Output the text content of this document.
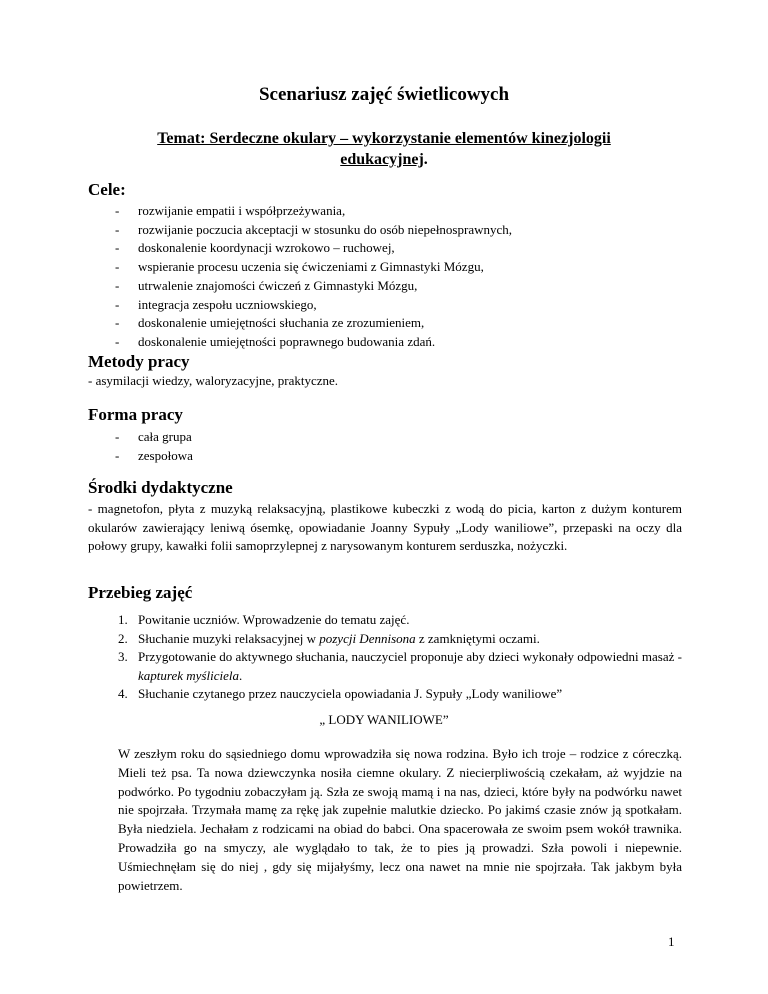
Scenariusz zajęć świetlicowych
Temat: Serdeczne okulary – wykorzystanie elementów kinezjologii
edukacyjnej.
Cele:
- rozwijanie empatii i współprzeżywania,
- rozwijanie poczucia akceptacji w stosunku do osób niepełnosprawnych,
- doskonalenie koordynacji wzrokowo – ruchowej,
- wspieranie procesu uczenia się ćwiczeniami z Gimnastyki Mózgu,
- utrwalenie znajomości ćwiczeń z Gimnastyki Mózgu,
- integracja zespołu uczniowskiego,
- doskonalenie umiejętności słuchania ze zrozumieniem,
- doskonalenie umiejętności poprawnego budowania zdań.
Metody pracy
- asymilacji wiedzy, waloryzacyjne, praktyczne.
Forma pracy
- cała grupa
- zespołowa
Środki dydaktyczne
- magnetofon, płyta z muzyką relaksacyjną, plastikowe kubeczki z wodą do picia, karton z dużym konturem okularów zawierający leniwą ósemkę, opowiadanie Joanny Sypuły „Lody waniliowe”, przepaski na oczy dla połowy grupy, kawałki folii samoprzylepnej z narysowanym konturem serduszka, nożyczki.
Przebieg zajęć
1. Powitanie uczniów. Wprowadzenie do tematu zajęć.
2. Słuchanie muzyki relaksacyjnej w pozycji Dennisona z zamkniętymi oczami.
3. Przygotowanie do aktywnego słuchania, nauczyciel proponuje aby dzieci wykonały odpowiedni masaż - kapturek myśliciela.
4. Słuchanie czytanego przez nauczyciela opowiadania J. Sypuły „Lody waniliowe”
„ LODY WANILIOWE”
W zeszłym roku do sąsiedniego domu wprowadziła się nowa rodzina. Było ich troje – rodzice z córeczką. Mieli też psa. Ta nowa dziewczynka nosiła ciemne okulary. Z niecierpliwością czekałam, aż wyjdzie na podwórko. Po tygodniu zobaczyłam ją. Szła ze swoją mamą i na nas, dzieci, które były na podwórku nawet nie spojrzała. Trzymała mamę za rękę jak zupełnie malutkie dziecko. Po jakimś czasie znów ją spotkałam. Była niedziela. Jechałam z rodzicami na obiad do babci. Ona spacerowała ze swoim psem wokół trawnika. Prowadziła go na smyczy, ale wyglądało to tak, że to pies ją prowadzi. Szła powoli i niepewnie. Uśmiechnęłam się do niej , gdy się mijałyśmy, lecz ona nawet na mnie nie spojrzała. Tak jakbym była powietrzem.
1
